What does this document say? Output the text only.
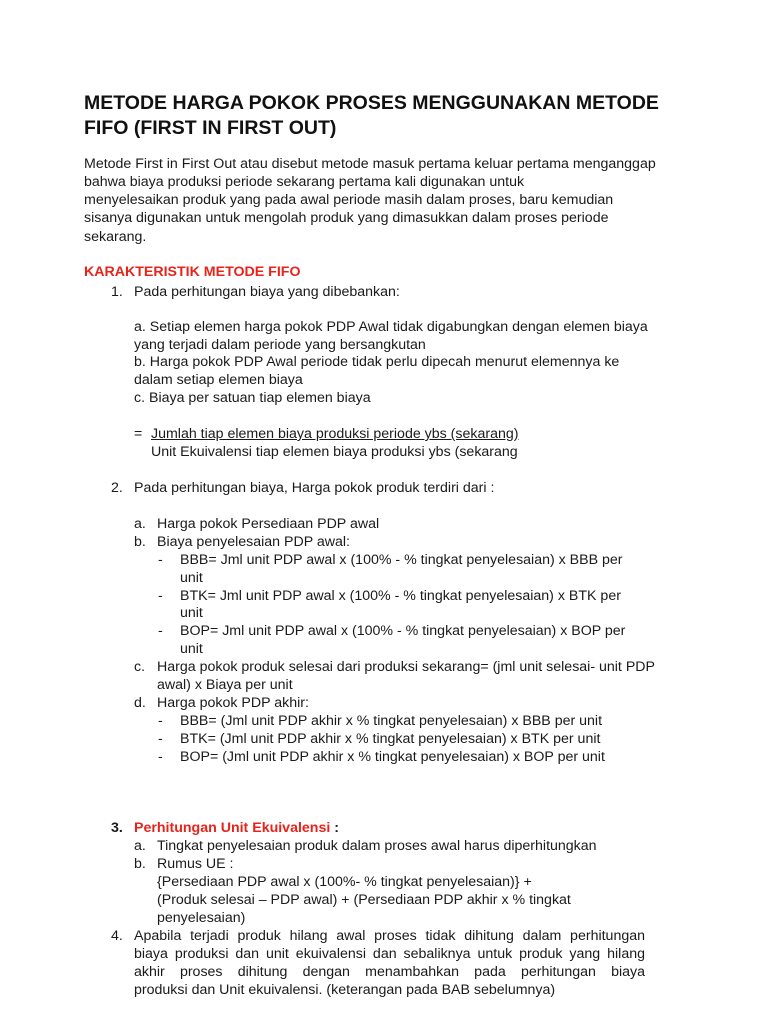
METODE HARGA POKOK PROSES MENGGUNAKAN METODE
FIFO (FIRST IN FIRST OUT)
Metode First in First Out atau disebut metode masuk pertama keluar pertama menganggap
bahwa biaya produksi periode sekarang pertama kali digunakan untuk
menyelesaikan produk yang pada awal periode masih dalam proses, baru kemudian
sisanya digunakan untuk mengolah produk yang dimasukkan dalam proses periode
sekarang.
KARAKTERISTIK METODE FIFO
1. Pada perhitungan biaya yang dibebankan:
a. Setiap elemen harga pokok PDP Awal tidak digabungkan dengan elemen biaya
yang terjadi dalam periode yang bersangkutan
b. Harga pokok PDP Awal periode tidak perlu dipecah menurut elemennya ke
dalam setiap elemen biaya
c. Biaya per satuan tiap elemen biaya
= Jumlah tiap elemen biaya produksi periode ybs (sekarang)
Unit Ekuivalensi tiap elemen biaya produksi ybs (sekarang
2. Pada perhitungan biaya, Harga pokok produk terdiri dari :
a. Harga pokok Persediaan PDP awal
b. Biaya penyelesaian PDP awal:
- BBB= Jml unit PDP awal x (100% - % tingkat penyelesaian) x BBB per
unit
- BTK= Jml unit PDP awal x (100% - % tingkat penyelesaian) x BTK per
unit
- BOP= Jml unit PDP awal x (100% - % tingkat penyelesaian) x BOP per
unit
c. Harga pokok produk selesai dari produksi sekarang= (jml unit selesai- unit PDP
awal) x Biaya per unit
d. Harga pokok PDP akhir:
- BBB= (Jml unit PDP akhir x % tingkat penyelesaian) x BBB per unit
- BTK= (Jml unit PDP akhir x % tingkat penyelesaian) x BTK per unit
- BOP= (Jml unit PDP akhir x % tingkat penyelesaian) x BOP per unit
3. Perhitungan Unit Ekuivalensi :
a. Tingkat penyelesaian produk dalam proses awal harus diperhitungkan
b. Rumus UE :
{Persediaan PDP awal x (100%- % tingkat penyelesaian)} +
(Produk selesai – PDP awal) + (Persediaan PDP akhir x % tingkat
penyelesaian)
4. Apabila terjadi produk hilang awal proses tidak dihitung dalam perhitungan
biaya produksi dan unit ekuivalensi dan sebaliknya untuk produk yang hilang
akhir proses dihitung dengan menambahkan pada perhitungan biaya
produksi dan Unit ekuivalensi. (keterangan pada BAB sebelumnya)
